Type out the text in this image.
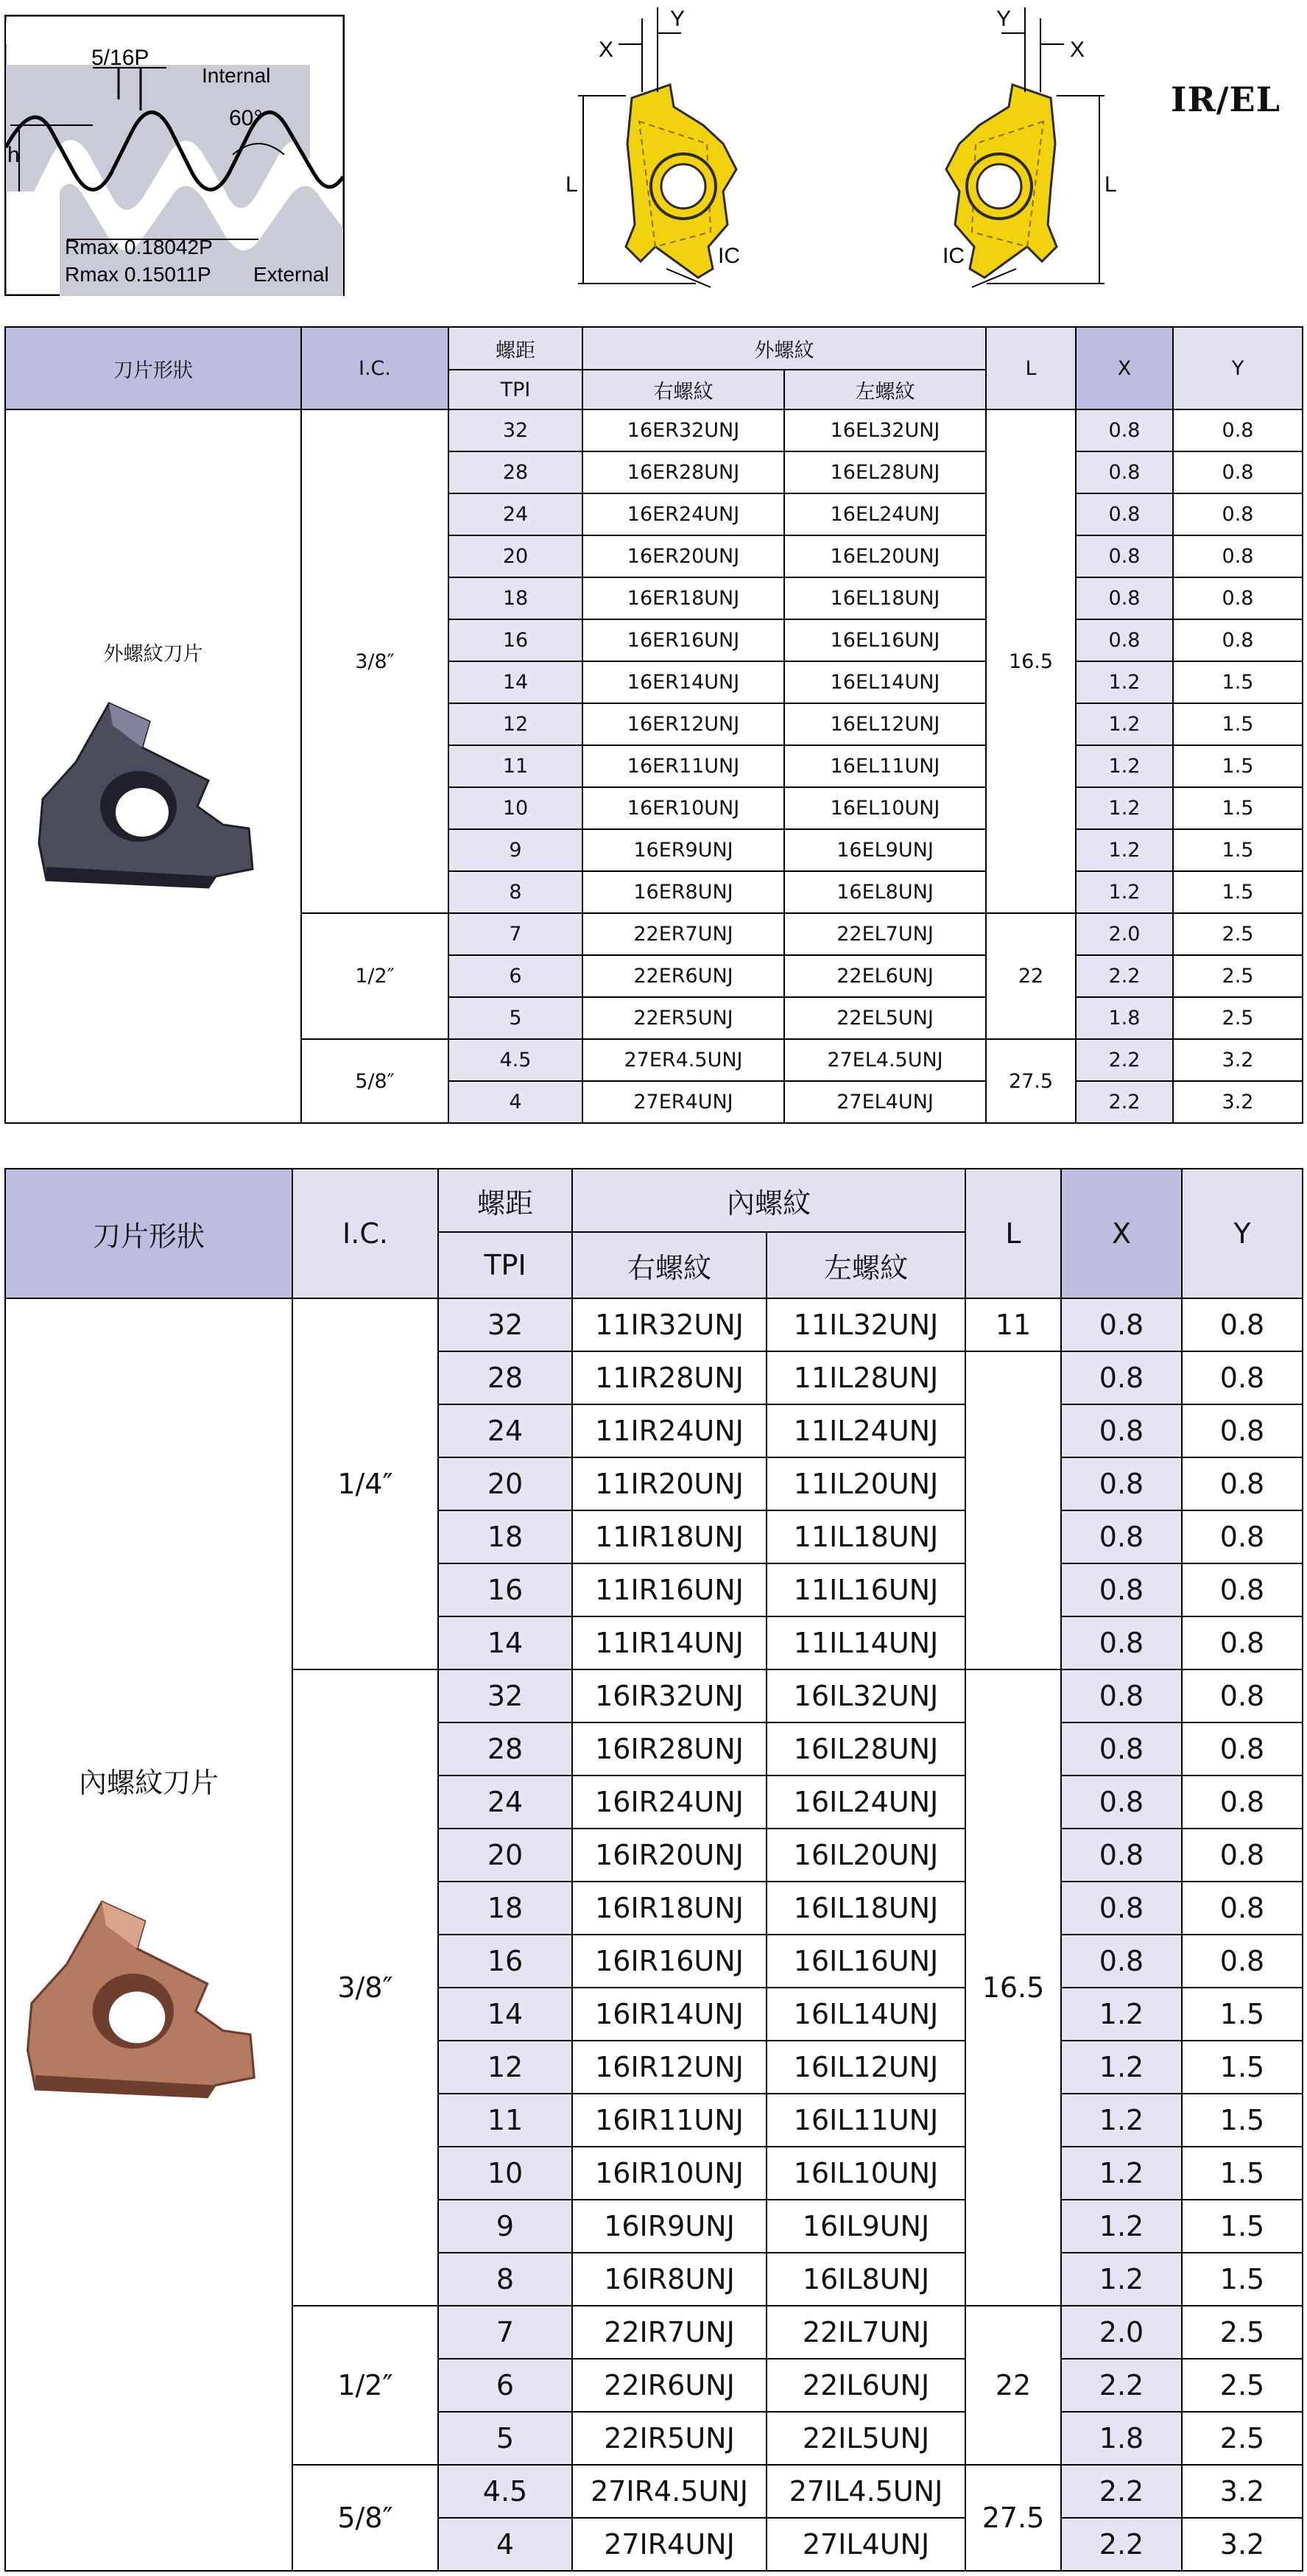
5/16P
Internal
60°
h
Rmax 0.18042P
Rmax 0.15011P External
X
Y
L
IC
X
Y
L
IC
IR/EL
刀片形狀	I.C.	螺距	外螺紋		L	X	Y
		TPI	右螺紋	左螺紋			

外螺紋刀片	3/8″	32	16ER32UNJ	16EL32UNJ	16.5	0.8	0.8
		28	16ER28UNJ	16EL28UNJ		0.8	0.8
		24	16ER24UNJ	16EL24UNJ		0.8	0.8
		20	16ER20UNJ	16EL20UNJ		0.8	0.8
		18	16ER18UNJ	16EL18UNJ		0.8	0.8
		16	16ER16UNJ	16EL16UNJ		0.8	0.8
		14	16ER14UNJ	16EL14UNJ		1.2	1.5
		12	16ER12UNJ	16EL12UNJ		1.2	1.5
		11	16ER11UNJ	16EL11UNJ		1.2	1.5
		10	16ER10UNJ	16EL10UNJ		1.2	1.5
		9	16ER9UNJ	16EL9UNJ		1.2	1.5
		8	16ER8UNJ	16EL8UNJ		1.2	1.5
	1/2″	7	22ER7UNJ	22EL7UNJ	22	2.0	2.5
		6	22ER6UNJ	22EL6UNJ		2.2	2.5
		5	22ER5UNJ	22EL5UNJ		1.8	2.5
	5/8″	4.5	27ER4.5UNJ	27EL4.5UNJ	27.5	2.2	3.2
		4	27ER4UNJ	27EL4UNJ		2.2	3.2
刀片形狀	I.C.	螺距	內螺紋		L	X	Y
		TPI	右螺紋	左螺紋			

內螺紋刀片	1/4″	32	11IR32UNJ	11IL32UNJ	11	0.8	0.8
		28	11IR28UNJ	11IL28UNJ		0.8	0.8
		24	11IR24UNJ	11IL24UNJ		0.8	0.8
		20	11IR20UNJ	11IL20UNJ		0.8	0.8
		18	11IR18UNJ	11IL18UNJ		0.8	0.8
		16	11IR16UNJ	11IL16UNJ		0.8	0.8
		14	11IR14UNJ	11IL14UNJ		0.8	0.8
	3/8″	32	16IR32UNJ	16IL32UNJ	16.5	0.8	0.8
		28	16IR28UNJ	16IL28UNJ		0.8	0.8
		24	16IR24UNJ	16IL24UNJ		0.8	0.8
		20	16IR20UNJ	16IL20UNJ		0.8	0.8
		18	16IR18UNJ	16IL18UNJ		0.8	0.8
		16	16IR16UNJ	16IL16UNJ		0.8	0.8
		14	16IR14UNJ	16IL14UNJ		1.2	1.5
		12	16IR12UNJ	16IL12UNJ		1.2	1.5
		11	16IR11UNJ	16IL11UNJ		1.2	1.5
		10	16IR10UNJ	16IL10UNJ		1.2	1.5
		9	16IR9UNJ	16IL9UNJ		1.2	1.5
		8	16IR8UNJ	16IL8UNJ		1.2	1.5
	1/2″	7	22IR7UNJ	22IL7UNJ	22	2.0	2.5
		6	22IR6UNJ	22IL6UNJ		2.2	2.5
		5	22IR5UNJ	22IL5UNJ		1.8	2.5
	5/8″	4.5	27IR4.5UNJ	27IL4.5UNJ	27.5	2.2	3.2
		4	27IR4UNJ	27IL4UNJ		2.2	3.2
